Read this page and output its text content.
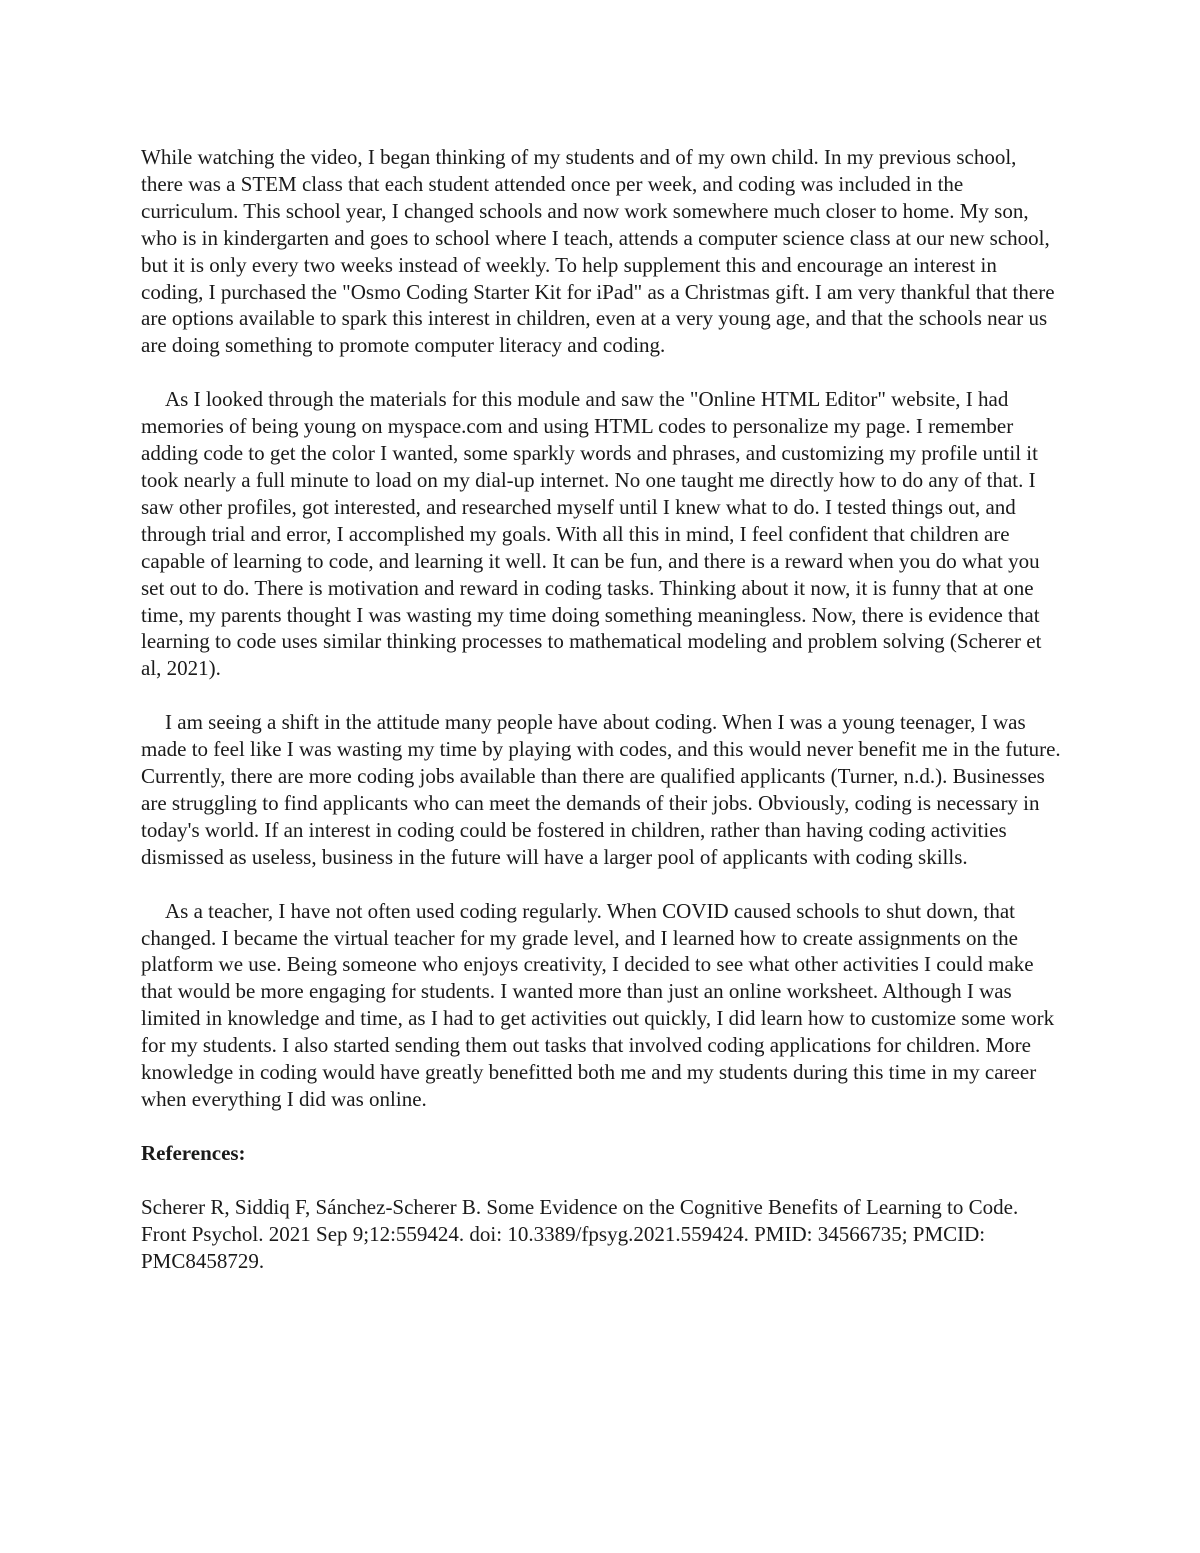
While watching the video, I began thinking of my students and of my own child. In my previous school, there was a STEM class that each student attended once per week, and coding was included in the curriculum. This school year, I changed schools and now work somewhere much closer to home. My son, who is in kindergarten and goes to school where I teach, attends a computer science class at our new school, but it is only every two weeks instead of weekly. To help supplement this and encourage an interest in coding, I purchased the "Osmo Coding Starter Kit for iPad" as a Christmas gift. I am very thankful that there are options available to spark this interest in children, even at a very young age, and that the schools near us are doing something to promote computer literacy and coding.

As I looked through the materials for this module and saw the "Online HTML Editor" website, I had memories of being young on myspace.com and using HTML codes to personalize my page. I remember adding code to get the color I wanted, some sparkly words and phrases, and customizing my profile until it took nearly a full minute to load on my dial-up internet. No one taught me directly how to do any of that. I saw other profiles, got interested, and researched myself until I knew what to do. I tested things out, and through trial and error, I accomplished my goals. With all this in mind, I feel confident that children are capable of learning to code, and learning it well. It can be fun, and there is a reward when you do what you set out to do. There is motivation and reward in coding tasks. Thinking about it now, it is funny that at one time, my parents thought I was wasting my time doing something meaningless. Now, there is evidence that learning to code uses similar thinking processes to mathematical modeling and problem solving (Scherer et al, 2021).

I am seeing a shift in the attitude many people have about coding. When I was a young teenager, I was made to feel like I was wasting my time by playing with codes, and this would never benefit me in the future. Currently, there are more coding jobs available than there are qualified applicants (Turner, n.d.). Businesses are struggling to find applicants who can meet the demands of their jobs. Obviously, coding is necessary in today's world. If an interest in coding could be fostered in children, rather than having coding activities dismissed as useless, business in the future will have a larger pool of applicants with coding skills.

As a teacher, I have not often used coding regularly. When COVID caused schools to shut down, that changed. I became the virtual teacher for my grade level, and I learned how to create assignments on the platform we use. Being someone who enjoys creativity, I decided to see what other activities I could make that would be more engaging for students. I wanted more than just an online worksheet. Although I was limited in knowledge and time, as I had to get activities out quickly, I did learn how to customize some work for my students. I also started sending them out tasks that involved coding applications for children. More knowledge in coding would have greatly benefitted both me and my students during this time in my career when everything I did was online.

References:

Scherer R, Siddiq F, Sánchez-Scherer B. Some Evidence on the Cognitive Benefits of Learning to Code. Front Psychol. 2021 Sep 9;12:559424. doi: 10.3389/fpsyg.2021.559424. PMID: 34566735; PMCID: PMC8458729.
